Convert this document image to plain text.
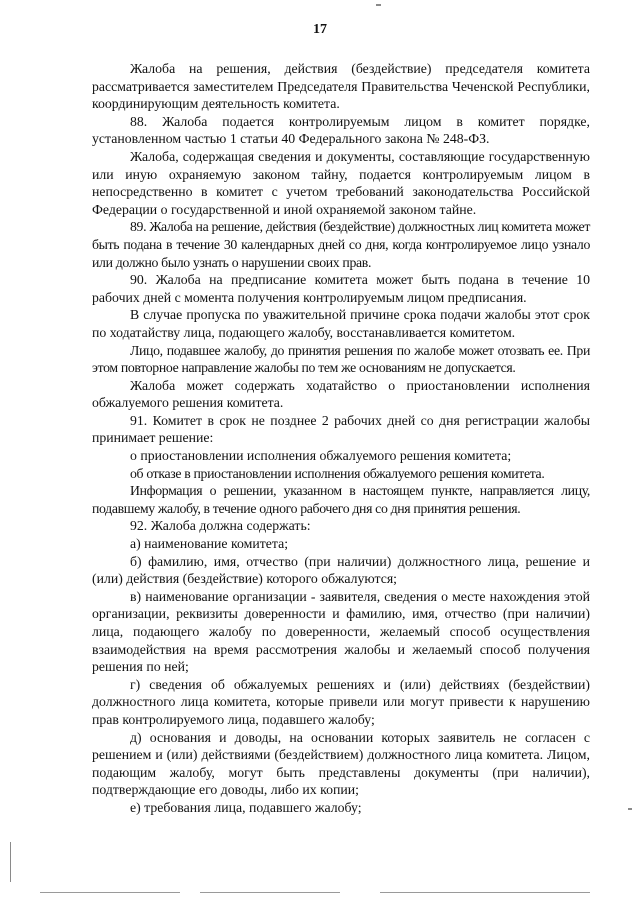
17

Жалоба на решения, действия (бездействие) председателя комитета рассматривается заместителем Председателя Правительства Чеченской Республики, координирующим деятельность комитета.

88. Жалоба подается контролируемым лицом в комитет порядке, установленном частью 1 статьи 40 Федерального закона № 248-ФЗ.

Жалоба, содержащая сведения и документы, составляющие государственную или иную охраняемую законом тайну, подается контролируемым лицом в непосредственно в комитет с учетом требований законодательства Российской Федерации о государственной и иной охраняемой законом тайне.

89. Жалоба на решение, действия (бездействие) должностных лиц комитета может быть подана в течение 30 календарных дней со дня, когда контролируемое лицо узнало или должно было узнать о нарушении своих прав.

90. Жалоба на предписание комитета может быть подана в течение 10 рабочих дней с момента получения контролируемым лицом предписания.

В случае пропуска по уважительной причине срока подачи жалобы этот срок по ходатайству лица, подающего жалобу, восстанавливается комитетом.

Лицо, подавшее жалобу, до принятия решения по жалобе может отозвать ее. При этом повторное направление жалобы по тем же основаниям не допускается.

Жалоба может содержать ходатайство о приостановлении исполнения обжалуемого решения комитета.

91. Комитет в срок не позднее 2 рабочих дней со дня регистрации жалобы принимает решение:

о приостановлении исполнения обжалуемого решения комитета;

об отказе в приостановлении исполнения обжалуемого решения комитета.

Информация о решении, указанном в настоящем пункте, направляется лицу, подавшему жалобу, в течение одного рабочего дня со дня принятия решения.

92. Жалоба должна содержать:

а) наименование комитета;

б) фамилию, имя, отчество (при наличии) должностного лица, решение и (или) действия (бездействие) которого обжалуются;

в) наименование организации - заявителя, сведения о месте нахождения этой организации, реквизиты доверенности и фамилию, имя, отчество (при наличии) лица, подающего жалобу по доверенности, желаемый способ осуществления взаимодействия на время рассмотрения жалобы и желаемый способ получения решения по ней;

г) сведения об обжалуемых решениях и (или) действиях (бездействии) должностного лица комитета, которые привели или могут привести к нарушению прав контролируемого лица, подавшего жалобу;

д) основания и доводы, на основании которых заявитель не согласен с решением и (или) действиями (бездействием) должностного лица комитета. Лицом, подающим жалобу, могут быть представлены документы (при наличии), подтверждающие его доводы, либо их копии;

е) требования лица, подавшего жалобу;
